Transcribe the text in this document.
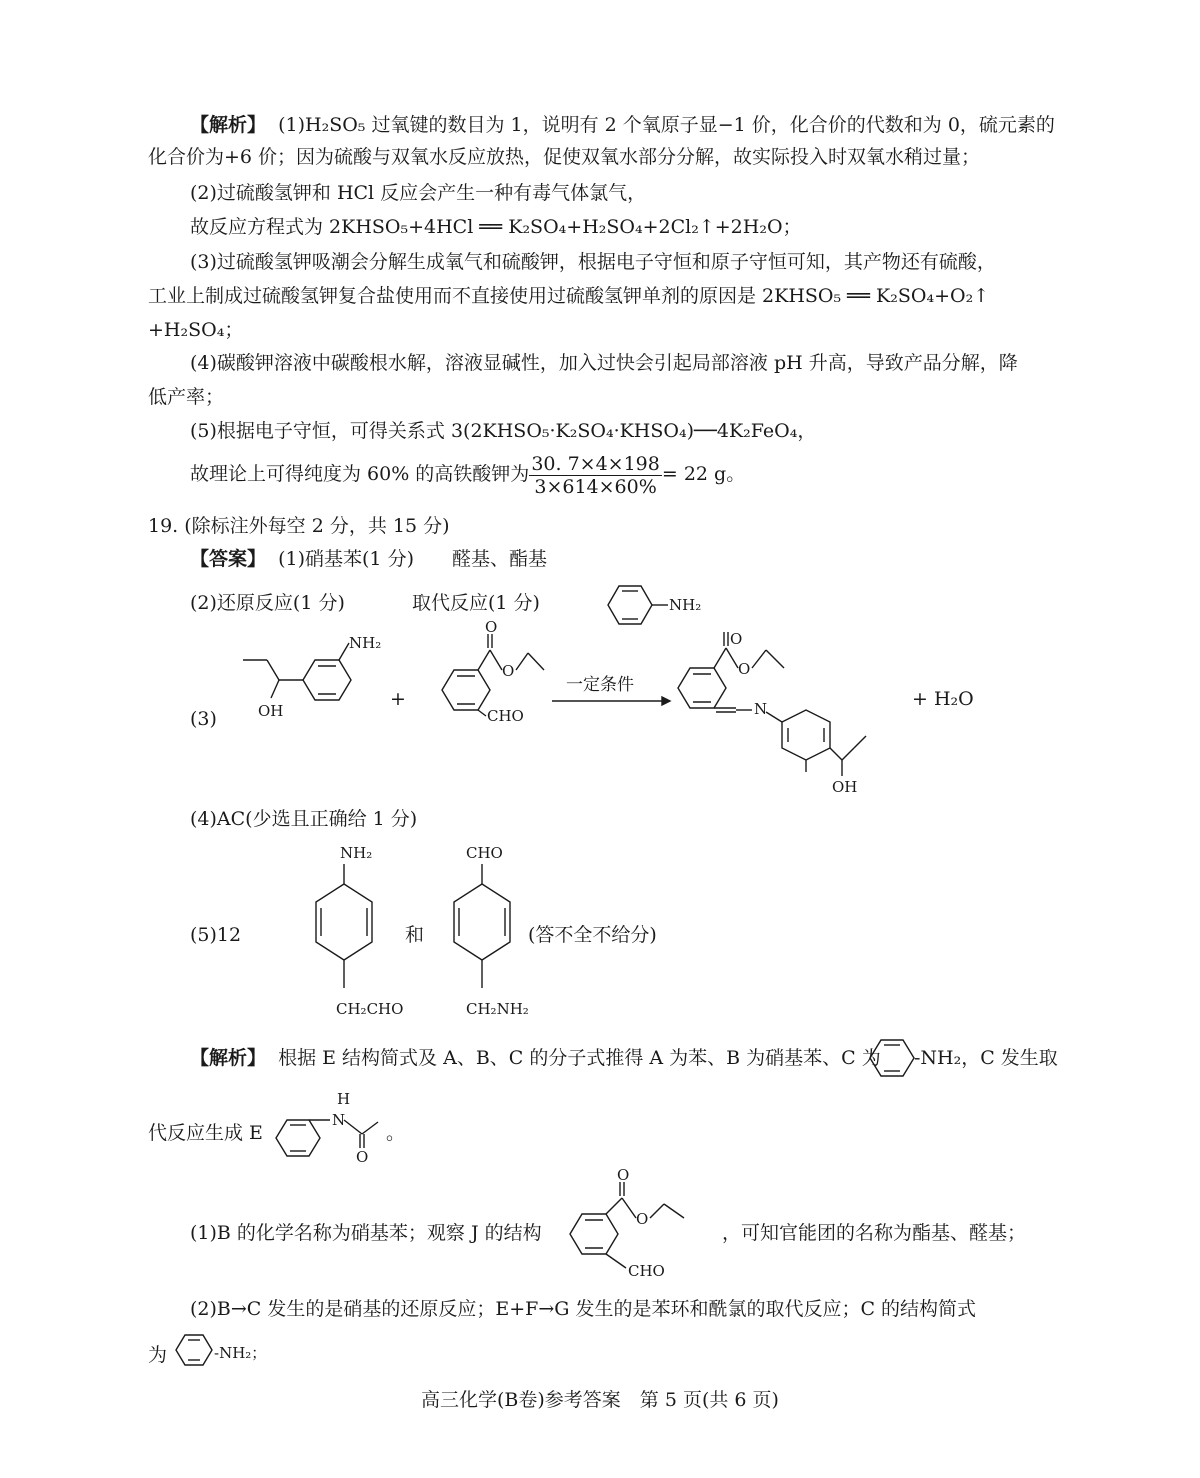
【解析】 (1)H₂SO₅ 过氧键的数目为 1，说明有 2 个氧原子显−1 价，化合价的代数和为 0，硫元素的
化合价为+6 价；因为硫酸与双氧水反应放热，促使双氧水部分分解，故实际投入时双氧水稍过量；
(2)过硫酸氢钾和 HCl 反应会产生一种有毒气体氯气，
故反应方程式为 2KHSO₅+4HCl ══ K₂SO₄+H₂SO₄+2Cl₂↑+2H₂O；
(3)过硫酸氢钾吸潮会分解生成氧气和硫酸钾，根据电子守恒和原子守恒可知，其产物还有硫酸，
工业上制成过硫酸氢钾复合盐使用而不直接使用过硫酸氢钾单剂的原因是 2KHSO₅ ══ K₂SO₄+O₂↑
+H₂SO₄；
(4)碳酸钾溶液中碳酸根水解，溶液显碱性，加入过快会引起局部溶液 pH 升高，导致产品分解，降
低产率；
(5)根据电子守恒，可得关系式 3(2KHSO₅·K₂SO₄·KHSO₄)──4K₂FeO₄，
故理论上可得纯度为 60% 的高铁酸钾为 $\frac{30. 7\times 4\times 198}{3\times 614\times 60\%} = 22$ g。
19. (除标注外每空 2 分，共 15 分)
【答案】 (1)硝基苯(1 分) 醛基、酯基
(2)还原反应(1 分)	取代反应(1 分)	NH₂
(3)
NH₂
OH
+
O
O
CHO
一定条件
O
O
N
OH
+ H₂O
(4)AC(少选且正确给 1 分)
(5)12
NH₂
CH₂CHO
和
CHO
CH₂NH₂
(答不全不给分)
【解析】 根据 E 结构简式及 A、B、C 的分子式推得 A 为苯、B 为硝基苯、C 为 -NH₂，C 发生取
代反应生成 E
H
N
O
。
(1)B 的化学名称为硝基苯；观察 J 的结构
O
O
CHO
，可知官能团的名称为酯基、醛基；
(2)B→C 发生的是硝基的还原反应；E+F→G 发生的是苯环和酰氯的取代反应；C 的结构简式
为	-NH₂；
高三化学(B卷)参考答案　第 5 页(共 6 页)
